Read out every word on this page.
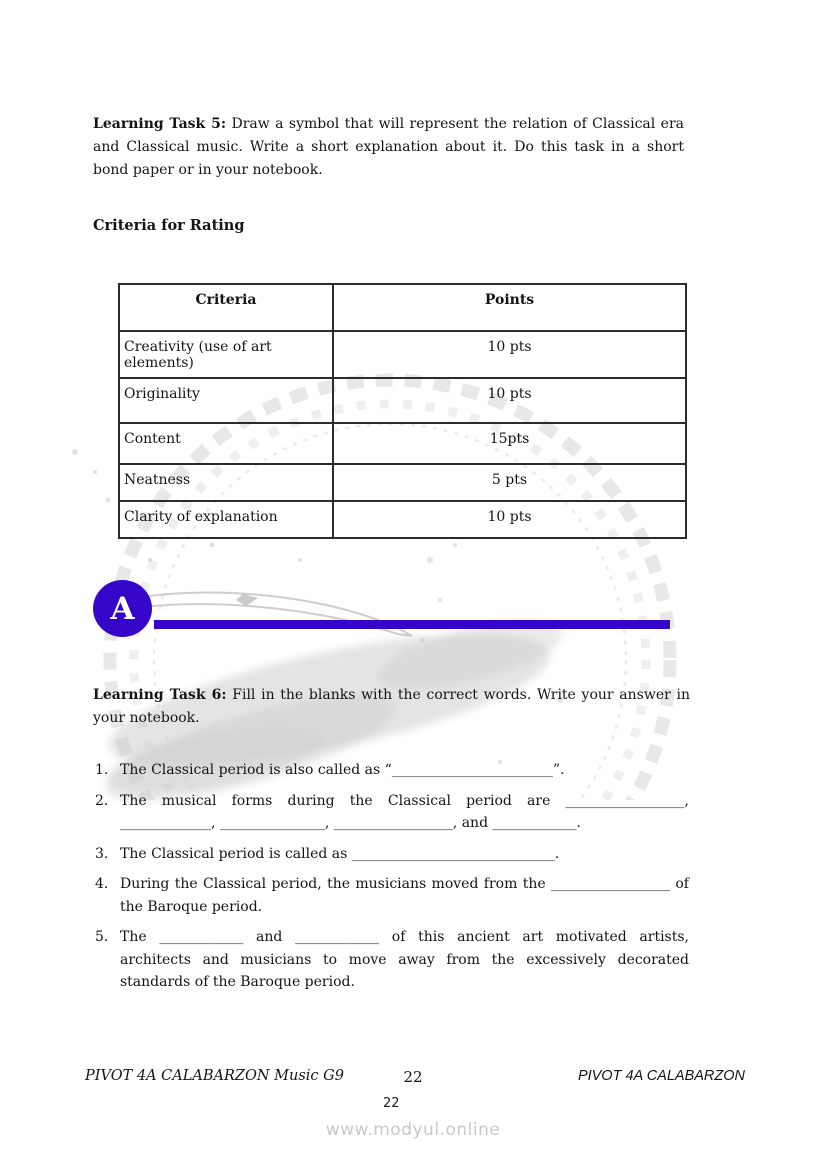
Learning Task 5: Draw a symbol that will represent the relation of Classical era and Classical music. Write a short explanation about it. Do this task in a short bond paper or in your notebook.

Criteria for Rating
Criteria	Points
Creativity (use of art elements)	10 pts
Originality	10 pts
Content	15pts
Neatness	5 pts
Clarity of explanation	10 pts
A

Learning Task 6: Fill in the blanks with the correct words. Write your answer in your notebook.

1. The Classical period is also called as “_______________________”.
2. The musical forms during the Classical period are _________________, _____________, _______________, _________________, and ____________.
3. The Classical period is called as _____________________________.
4. During the Classical period, the musicians moved from the _________________ of the Baroque period.
5. The ____________ and ____________ of this ancient art motivated artists, architects and musicians to move away from the excessively decorated standards of the Baroque period.
PIVOT 4A CALABARZON Music G9	22	PIVOT 4A CALABARZON
22
www.modyul.online
